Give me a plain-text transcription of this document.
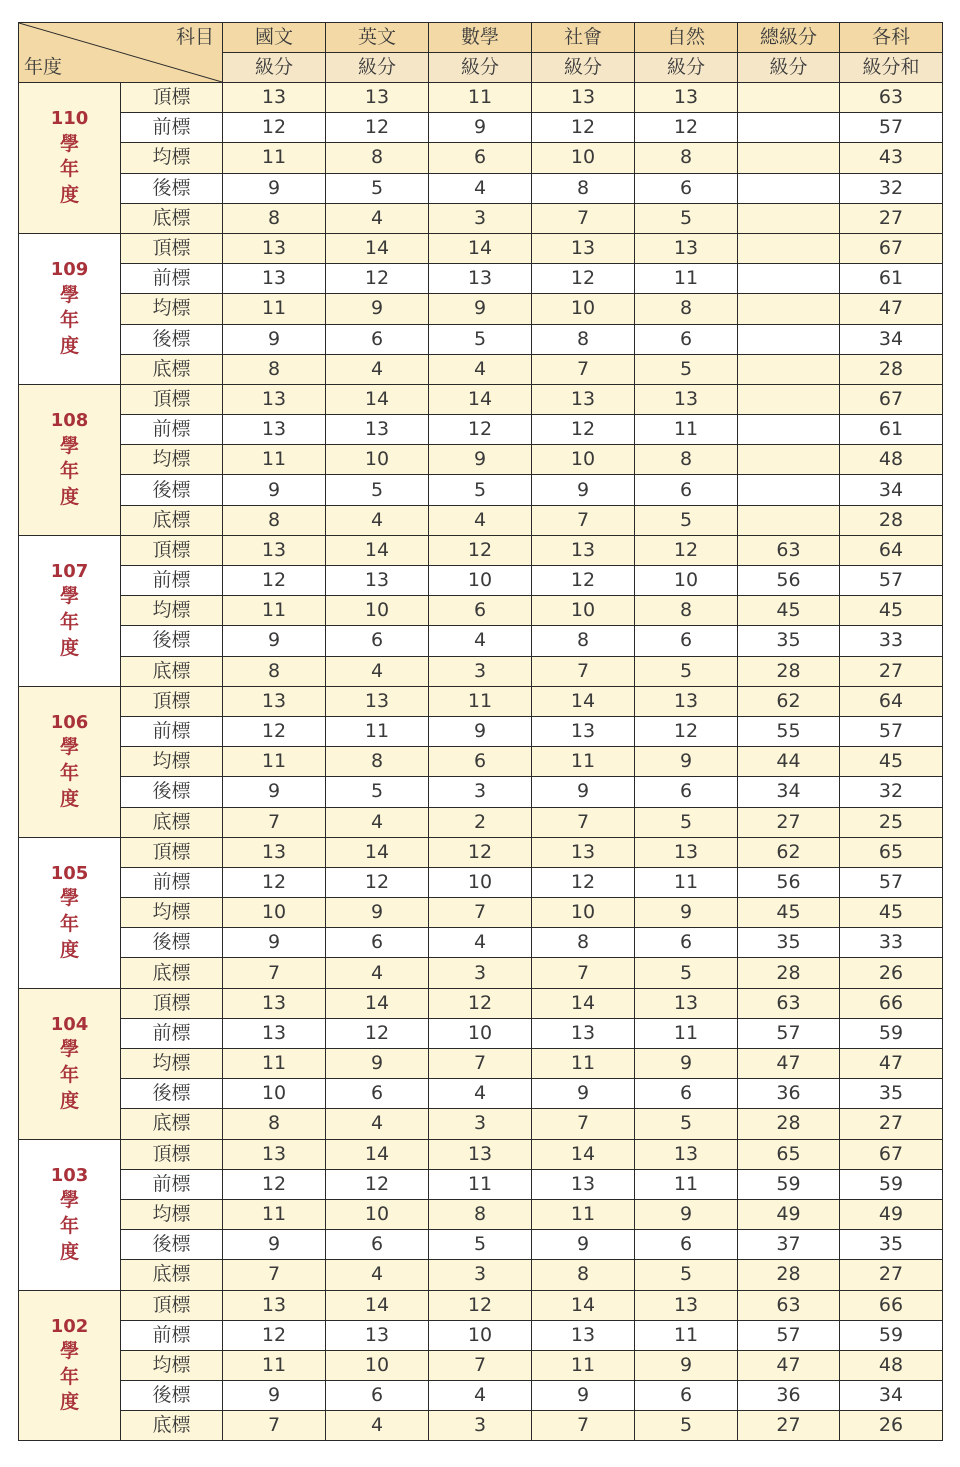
科目
年度		國文	英文	數學	社會	自然	總級分	各科
		級分	級分	級分	級分	級分	級分	級分和

110
學
年
度	頂標	13	13	11	13	13		63
	前標	12	12	9	12	12		57
	均標	11	8	6	10	8		43
	後標	9	5	4	8	6		32
	底標	8	4	3	7	5		27

109
學
年
度	頂標	13	14	14	13	13		67
	前標	13	12	13	12	11		61
	均標	11	9	9	10	8		47
	後標	9	6	5	8	6		34
	底標	8	4	4	7	5		28

108
學
年
度	頂標	13	14	14	13	13		67
	前標	13	13	12	12	11		61
	均標	11	10	9	10	8		48
	後標	9	5	5	9	6		34
	底標	8	4	4	7	5		28

107
學
年
度	頂標	13	14	12	13	12	63	64
	前標	12	13	10	12	10	56	57
	均標	11	10	6	10	8	45	45
	後標	9	6	4	8	6	35	33
	底標	8	4	3	7	5	28	27

106
學
年
度	頂標	13	13	11	14	13	62	64
	前標	12	11	9	13	12	55	57
	均標	11	8	6	11	9	44	45
	後標	9	5	3	9	6	34	32
	底標	7	4	2	7	5	27	25

105
學
年
度	頂標	13	14	12	13	13	62	65
	前標	12	12	10	12	11	56	57
	均標	10	9	7	10	9	45	45
	後標	9	6	4	8	6	35	33
	底標	7	4	3	7	5	28	26

104
學
年
度	頂標	13	14	12	14	13	63	66
	前標	13	12	10	13	11	57	59
	均標	11	9	7	11	9	47	47
	後標	10	6	4	9	6	36	35
	底標	8	4	3	7	5	28	27

103
學
年
度	頂標	13	14	13	14	13	65	67
	前標	12	12	11	13	11	59	59
	均標	11	10	8	11	9	49	49
	後標	9	6	5	9	6	37	35
	底標	7	4	3	8	5	28	27

102
學
年
度	頂標	13	14	12	14	13	63	66
	前標	12	13	10	13	11	57	59
	均標	11	10	7	11	9	47	48
	後標	9	6	4	9	6	36	34
	底標	7	4	3	7	5	27	26
